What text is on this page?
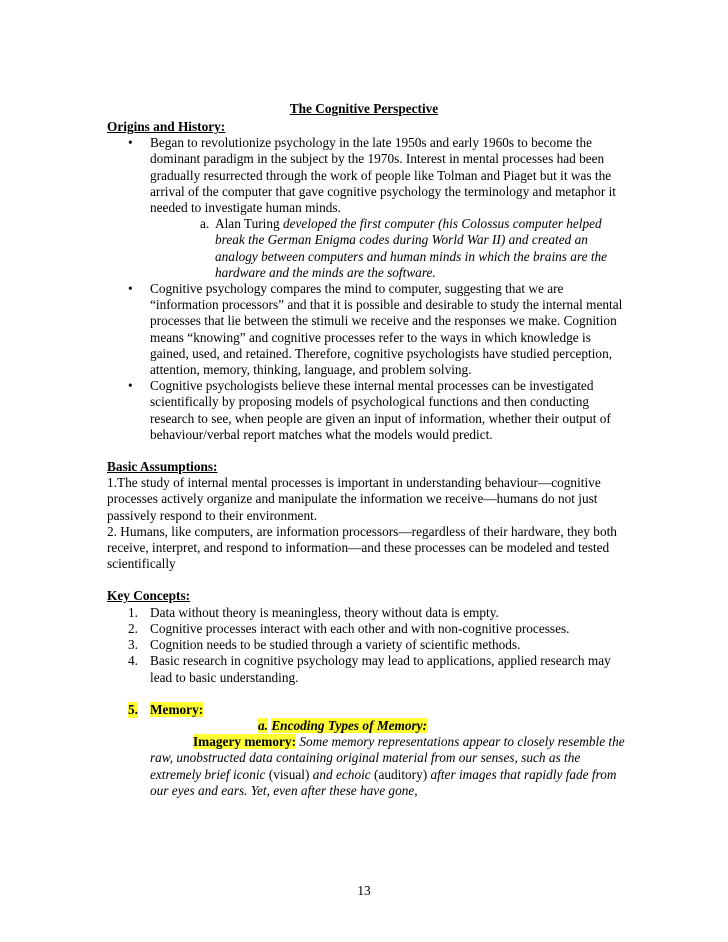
The Cognitive Perspective
Origins and History:
• Began to revolutionize psychology in the late 1950s and early 1960s to become the dominant paradigm in the subject by the 1970s. Interest in mental processes had been gradually resurrected through the work of people like Tolman and Piaget but it was the arrival of the computer that gave cognitive psychology the terminology and metaphor it needed to investigate human minds.
a. Alan Turing developed the first computer (his Colossus computer helped break the German Enigma codes during World War II) and created an analogy between computers and human minds in which the brains are the hardware and the minds are the software.
• Cognitive psychology compares the mind to computer, suggesting that we are “information processors” and that it is possible and desirable to study the internal mental processes that lie between the stimuli we receive and the responses we make. Cognition means “knowing” and cognitive processes refer to the ways in which knowledge is gained, used, and retained. Therefore, cognitive psychologists have studied perception, attention, memory, thinking, language, and problem solving.
• Cognitive psychologists believe these internal mental processes can be investigated scientifically by proposing models of psychological functions and then conducting research to see, when people are given an input of information, whether their output of behaviour/verbal report matches what the models would predict.
Basic Assumptions:
1.The study of internal mental processes is important in understanding behaviour—cognitive processes actively organize and manipulate the information we receive—humans do not just passively respond to their environment.
2. Humans, like computers, are information processors—regardless of their hardware, they both receive, interpret, and respond to information—and these processes can be modeled and tested scientifically
Key Concepts:
1. Data without theory is meaningless, theory without data is empty.
2. Cognitive processes interact with each other and with non-cognitive processes.
3. Cognition needs to be studied through a variety of scientific methods.
4. Basic research in cognitive psychology may lead to applications, applied research may lead to basic understanding.
5. Memory:
a. Encoding Types of Memory:
Imagery memory: Some memory representations appear to closely resemble the raw, unobstructed data containing original material from our senses, such as the extremely brief iconic (visual) and echoic (auditory) after images that rapidly fade from our eyes and ears. Yet, even after these have gone,
13
